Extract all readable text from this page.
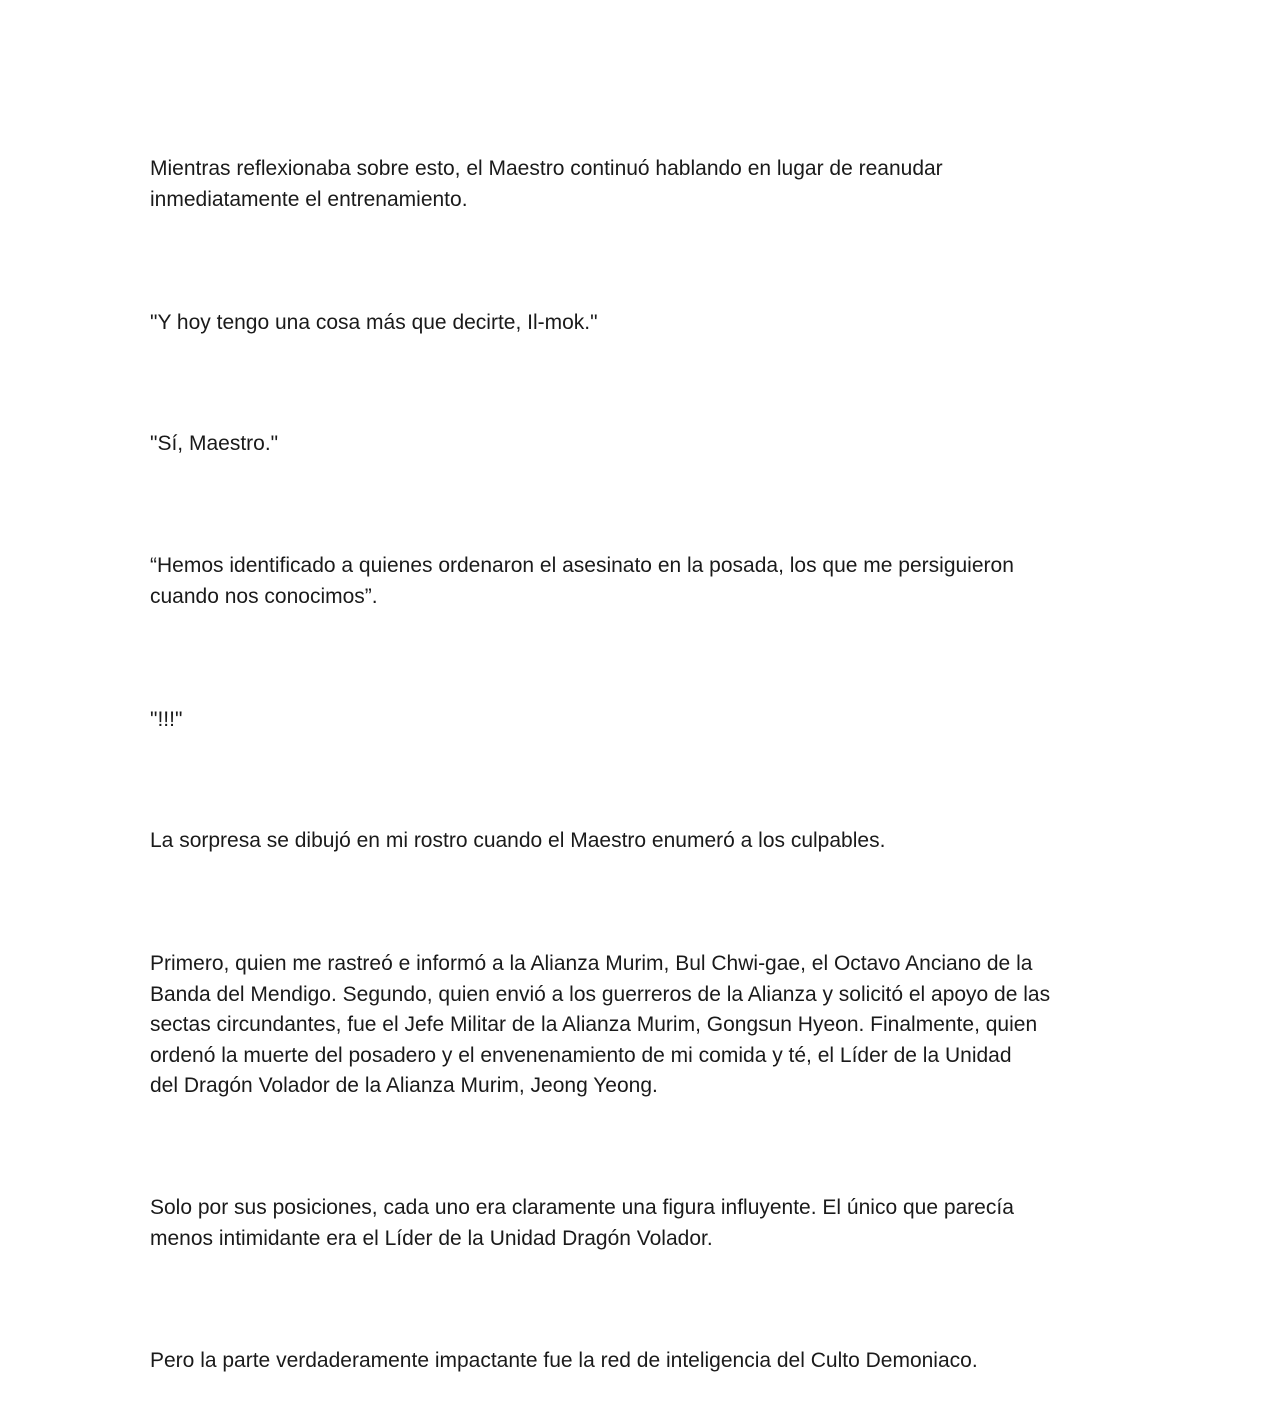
Mientras reflexionaba sobre esto, el Maestro continuó hablando en lugar de reanudar
inmediatamente el entrenamiento.

"Y hoy tengo una cosa más que decirte, Il-mok."

"Sí, Maestro."

“Hemos identificado a quienes ordenaron el asesinato en la posada, los que me persiguieron
cuando nos conocimos”.

"!!!"

La sorpresa se dibujó en mi rostro cuando el Maestro enumeró a los culpables.

Primero, quien me rastreó e informó a la Alianza Murim, Bul Chwi-gae, el Octavo Anciano de la
Banda del Mendigo. Segundo, quien envió a los guerreros de la Alianza y solicitó el apoyo de las
sectas circundantes, fue el Jefe Militar de la Alianza Murim, Gongsun Hyeon. Finalmente, quien
ordenó la muerte del posadero y el envenenamiento de mi comida y té, el Líder de la Unidad
del Dragón Volador de la Alianza Murim, Jeong Yeong.

Solo por sus posiciones, cada uno era claramente una figura influyente. El único que parecía
menos intimidante era el Líder de la Unidad Dragón Volador.

Pero la parte verdaderamente impactante fue la red de inteligencia del Culto Demoniaco.
